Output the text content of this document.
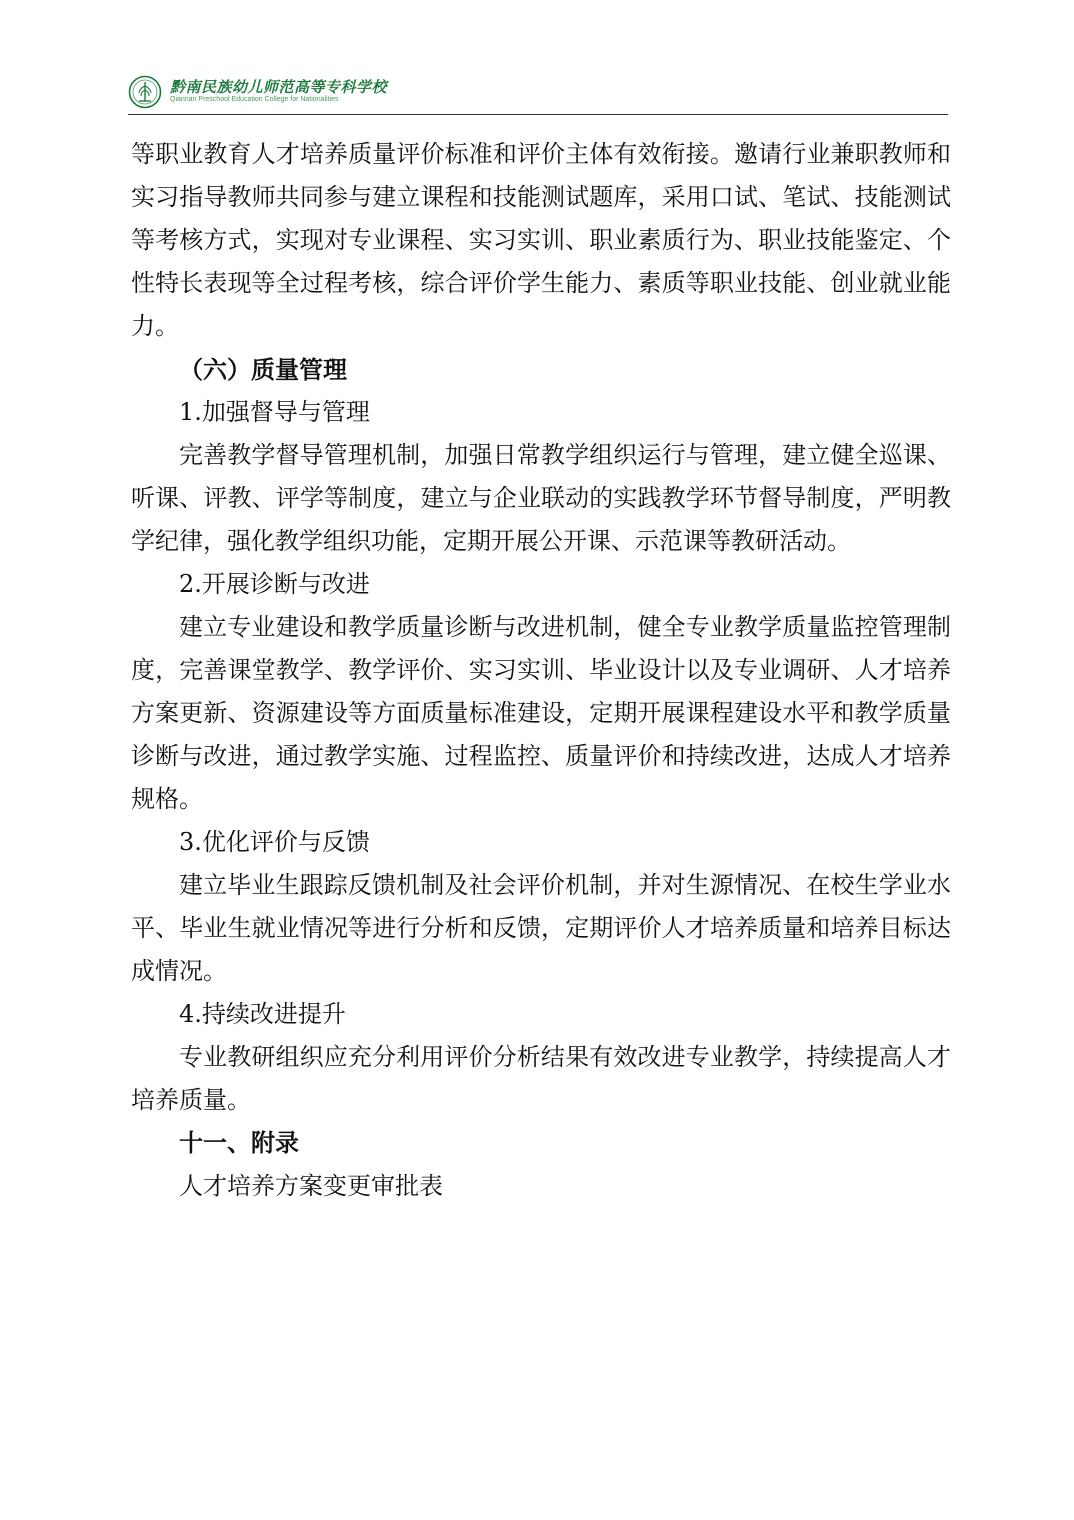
黔南民族幼儿师范高等专科学校
Qiannan Preschool Education College for Nationalities

等职业教育人才培养质量评价标准和评价主体有效衔接。邀请行业兼职教师和实习指导教师共同参与建立课程和技能测试题库，采用口试、笔试、技能测试等考核方式，实现对专业课程、实习实训、职业素质行为、职业技能鉴定、个性特长表现等全过程考核，综合评价学生能力、素质等职业技能、创业就业能力。

（六）质量管理

1.加强督导与管理

完善教学督导管理机制，加强日常教学组织运行与管理，建立健全巡课、听课、评教、评学等制度，建立与企业联动的实践教学环节督导制度，严明教学纪律，强化教学组织功能，定期开展公开课、示范课等教研活动。

2.开展诊断与改进

建立专业建设和教学质量诊断与改进机制，健全专业教学质量监控管理制度，完善课堂教学、教学评价、实习实训、毕业设计以及专业调研、人才培养方案更新、资源建设等方面质量标准建设，定期开展课程建设水平和教学质量诊断与改进，通过教学实施、过程监控、质量评价和持续改进，达成人才培养规格。

3.优化评价与反馈

建立毕业生跟踪反馈机制及社会评价机制，并对生源情况、在校生学业水平、毕业生就业情况等进行分析和反馈，定期评价人才培养质量和培养目标达成情况。

4.持续改进提升

专业教研组织应充分利用评价分析结果有效改进专业教学，持续提高人才培养质量。

十一、附录

人才培养方案变更审批表
